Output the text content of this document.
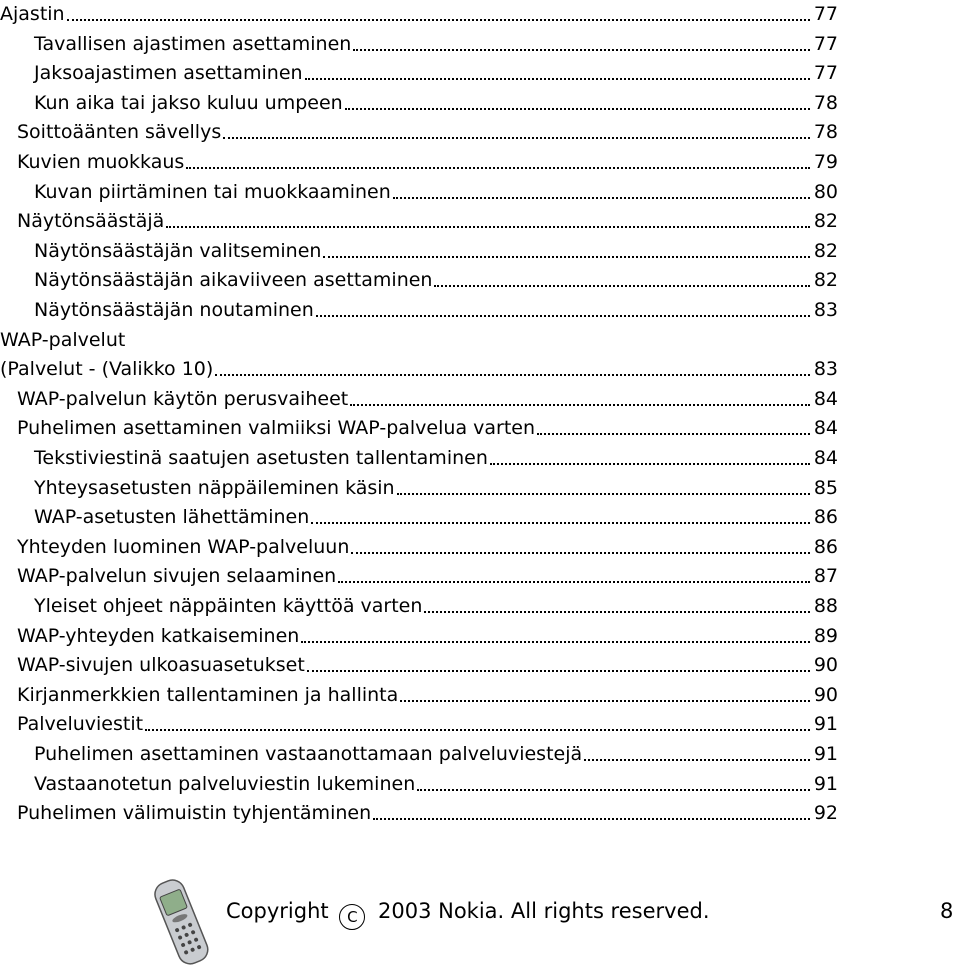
Ajastin	77
Tavallisen ajastimen asettaminen	77
Jaksoajastimen asettaminen	77
Kun aika tai jakso kuluu umpeen	78
Soittoäänten sävellys	78
Kuvien muokkaus	79
Kuvan piirtäminen tai muokkaaminen	80
Näytönsäästäjä	82
Näytönsäästäjän valitseminen	82
Näytönsäästäjän aikaviiveen asettaminen	82
Näytönsäästäjän noutaminen	83
WAP-palvelut
(Palvelut - (Valikko 10)	83
WAP-palvelun käytön perusvaiheet	84
Puhelimen asettaminen valmiiksi WAP-palvelua varten	84
Tekstiviestinä saatujen asetusten tallentaminen	84
Yhteysasetusten näppäileminen käsin	85
WAP-asetusten lähettäminen	86
Yhteyden luominen WAP-palveluun	86
WAP-palvelun sivujen selaaminen	87
Yleiset ohjeet näppäinten käyttöä varten	88
WAP-yhteyden katkaiseminen	89
WAP-sivujen ulkoasuasetukset	90
Kirjanmerkkien tallentaminen ja hallinta	90
Palveluviestit	91
Puhelimen asettaminen vastaanottamaan palveluviestejä	91
Vastaanotetun palveluviestin lukeminen	91
Puhelimen välimuistin tyhjentäminen	92
Copyright C 2003 Nokia. All rights reserved.	8
